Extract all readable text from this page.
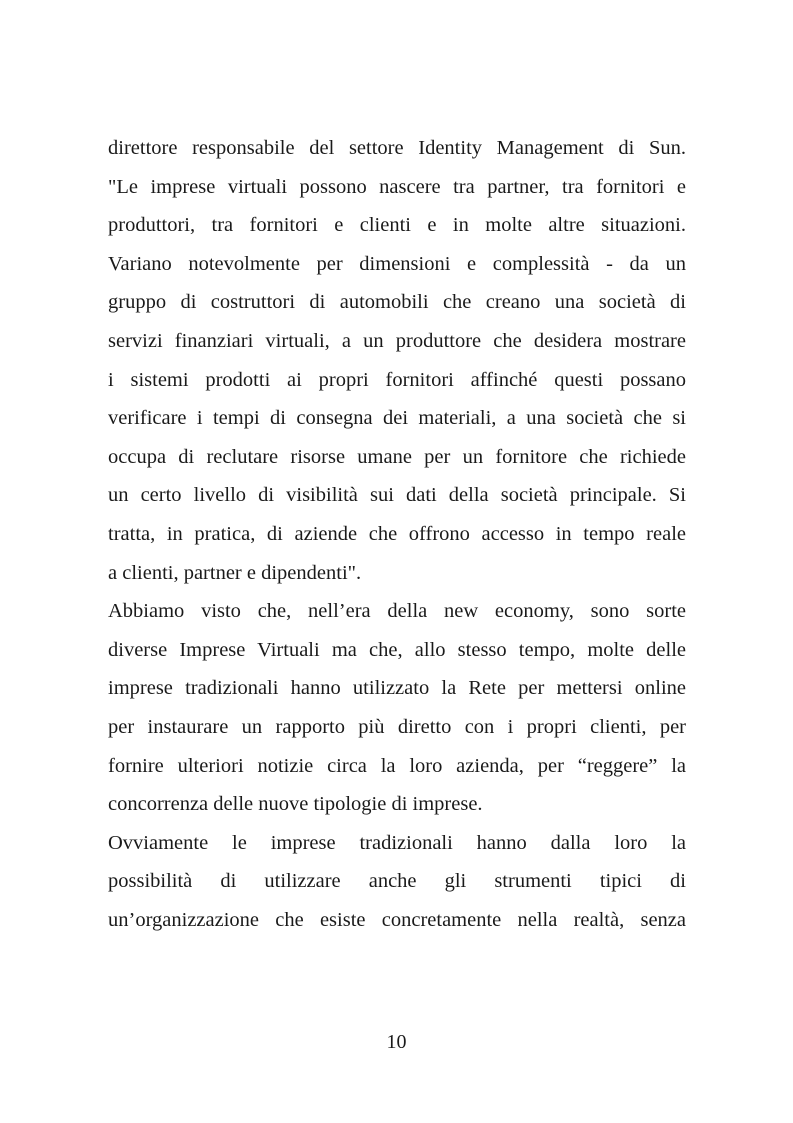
direttore responsabile del settore Identity Management di Sun.
"Le imprese virtuali possono nascere tra partner, tra fornitori e
produttori, tra fornitori e clienti e in molte altre situazioni.
Variano notevolmente per dimensioni e complessità - da un
gruppo di costruttori di automobili che creano una società di
servizi finanziari virtuali, a un produttore che desidera mostrare
i sistemi prodotti ai propri fornitori affinché questi possano
verificare i tempi di consegna dei materiali, a una società che si
occupa di reclutare risorse umane per un fornitore che richiede
un certo livello di visibilità sui dati della società principale. Si
tratta, in pratica, di aziende che offrono accesso in tempo reale
a clienti, partner e dipendenti".
Abbiamo visto che, nell’era della new economy, sono sorte
diverse Imprese Virtuali ma che, allo stesso tempo, molte delle
imprese tradizionali hanno utilizzato la Rete per mettersi online
per instaurare un rapporto più diretto con i propri clienti, per
fornire ulteriori notizie circa la loro azienda, per “reggere” la
concorrenza delle nuove tipologie di imprese.
Ovviamente le imprese tradizionali hanno dalla loro la
possibilità di utilizzare anche gli strumenti tipici di
un’organizzazione che esiste concretamente nella realtà, senza
10
